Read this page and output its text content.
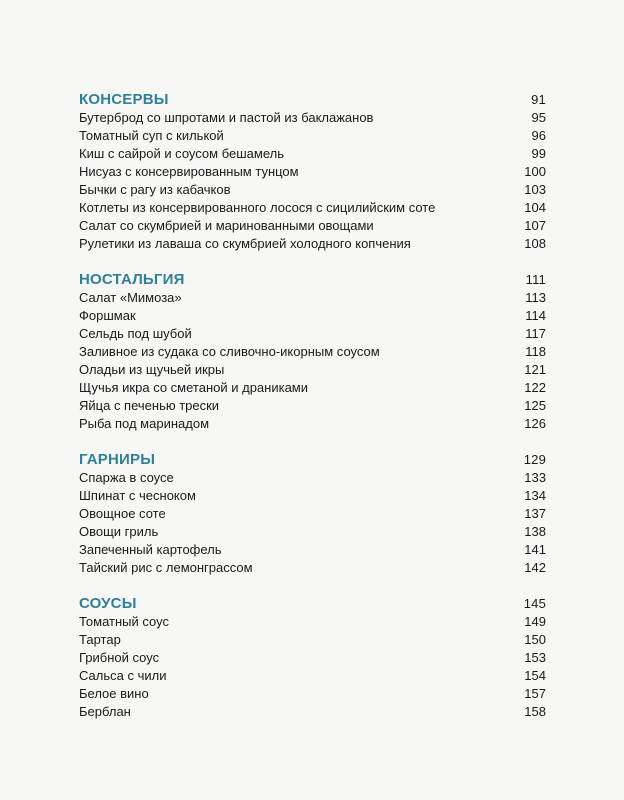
КОНСЕРВЫ	91
Бутерброд со шпротами и пастой из баклажанов	95
Томатный суп с килькой	96
Киш с сайрой и соусом бешамель	99
Нисуаз с консервированным тунцом	100
Бычки с рагу из кабачков	103
Котлеты из консервированного лосося с сицилийским соте	104
Салат со скумбрией и маринованными овощами	107
Рулетики из лаваша со скумбрией холодного копчения	108
НОСТАЛЬГИЯ	111
Салат «Мимоза»	113
Форшмак	114
Сельдь под шубой	117
Заливное из судака со сливочно-икорным соусом	118
Оладьи из щучьей икры	121
Щучья икра со сметаной и драниками	122
Яйца с печенью трески	125
Рыба под маринадом	126
ГАРНИРЫ	129
Спаржа в соусе	133
Шпинат с чесноком	134
Овощное соте	137
Овощи гриль	138
Запеченный картофель	141
Тайский рис с лемонграссом	142
СОУСЫ	145
Томатный соус	149
Тартар	150
Грибной соус	153
Сальса с чили	154
Белое вино	157
Берблан	158
